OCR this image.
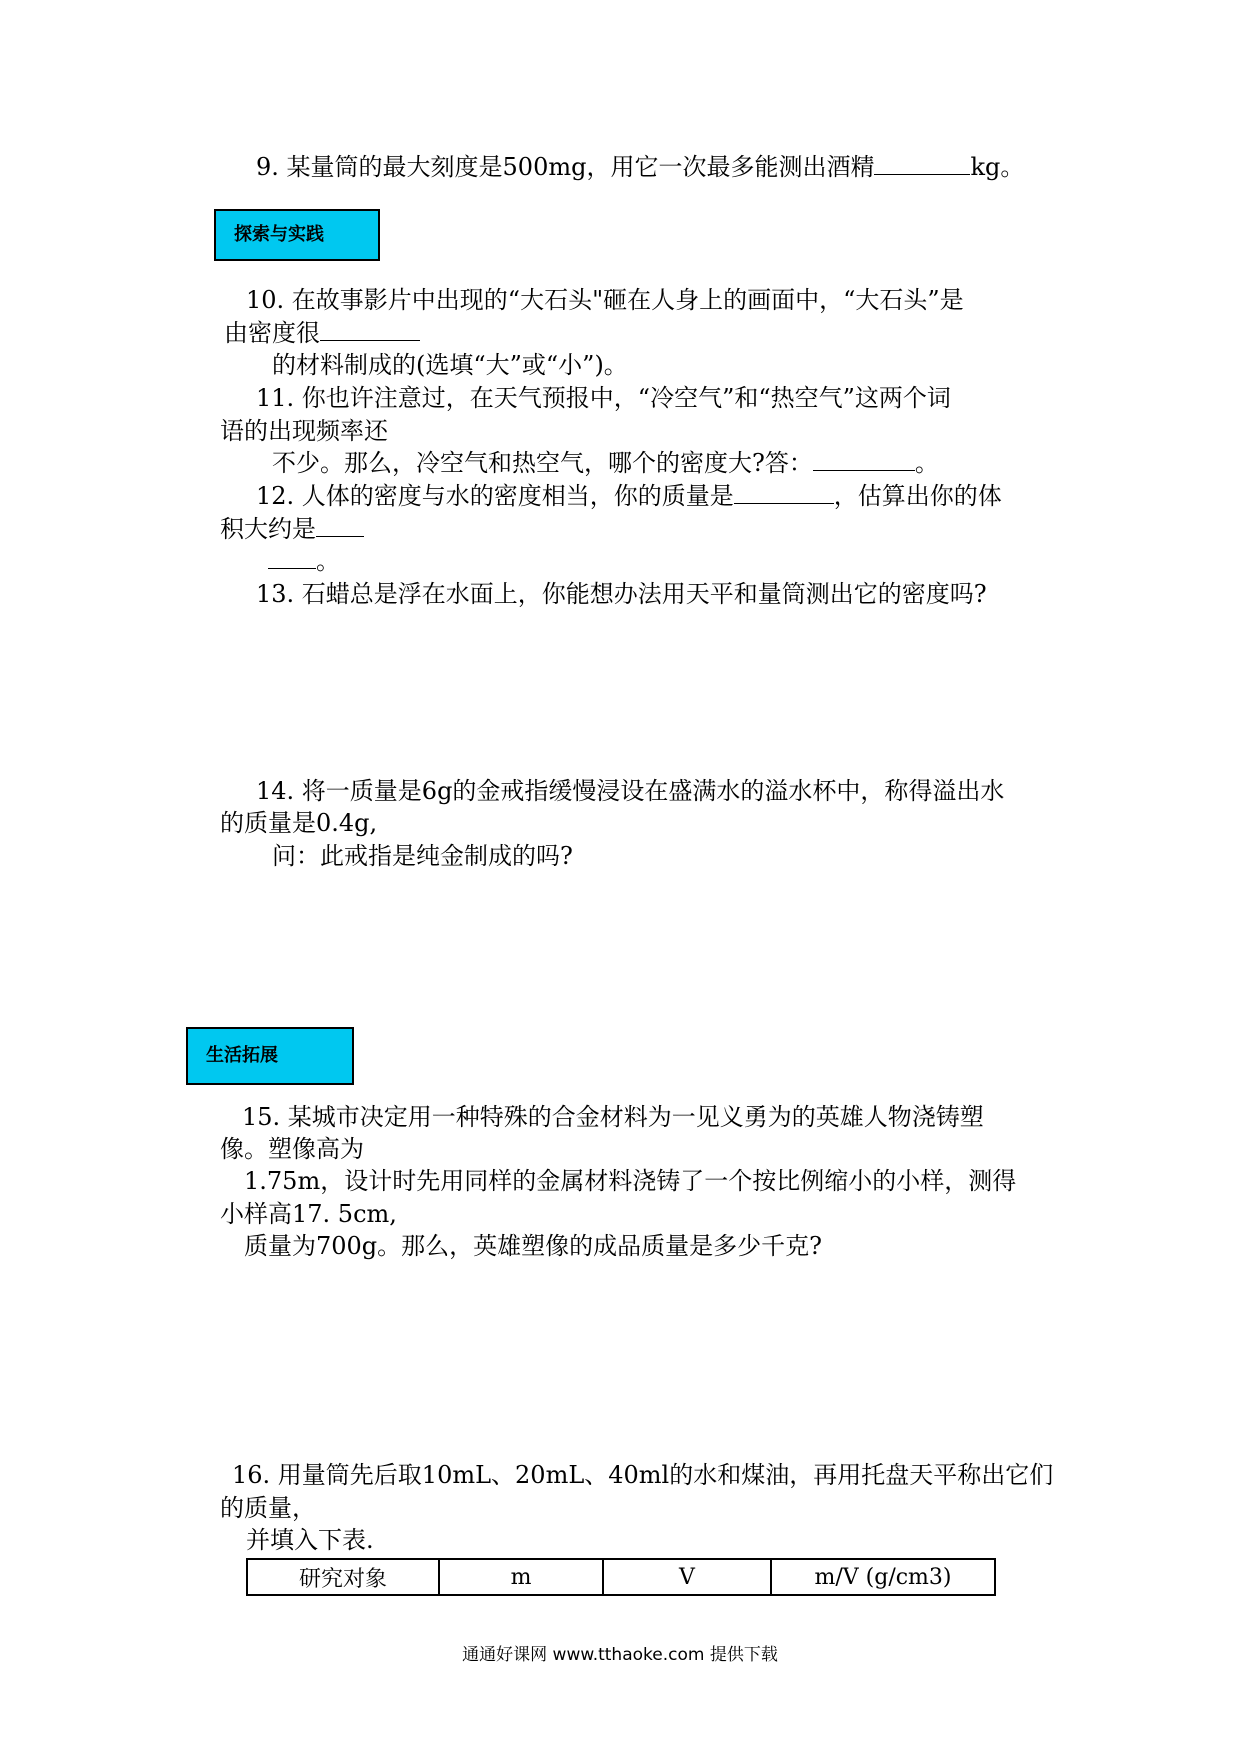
9. 某量筒的最大刻度是500mg，用它一次最多能测出酒精	kg。
探索与实践
10. 在故事影片中出现的“大石头"砸在人身上的画面中，“大石头”是
由密度很
的材料制成的(选填“大”或“小”)。
11. 你也许注意过，在天气预报中，“冷空气”和“热空气”这两个词
语的出现频率还
不少。那么，冷空气和热空气，哪个的密度大?答：	。
12. 人体的密度与水的密度相当，你的质量是	，估算出你的体
积大约是
。
13. 石蜡总是浮在水面上，你能想办法用天平和量筒测出它的密度吗?
14. 将一质量是6g的金戒指缓慢浸设在盛满水的溢水杯中，称得溢出水
的质量是0.4g,
问：此戒指是纯金制成的吗?
生活拓展
15. 某城市决定用一种特殊的合金材料为一见义勇为的英雄人物浇铸塑
像。塑像高为
1.75m，设计时先用同样的金属材料浇铸了一个按比例缩小的小样，测得
小样高17. 5cm,
质量为700g。那么，英雄塑像的成品质量是多少千克?
16. 用量筒先后取10mL、20mL、40ml的水和煤油，再用托盘天平称出它们
的质量，
并填入下表.
研究对象	m	V	m/V (g/cm3)
通通好课网 www.tthaoke.com 提供下载
